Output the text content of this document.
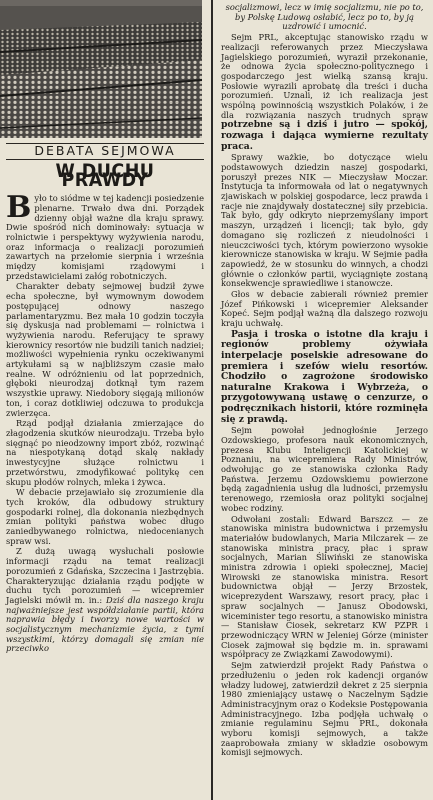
DEBATA SEJMOWA
W DUCHU PRAWDY

Było to siódme w tej kadencji posiedzenie plenarne. Trwało dwa dni. Porządek dzienny objął ważne dla kraju sprawy. Dwie spośród nich dominowały: sytuacja w rolnictwie i perspektywy wyżywienia narodu, oraz informacja o realizacji porozumień zawartych na przełomie sierpnia i września między komisjami rządowymi i przedstawicielami załóg robotniczych.

Charakter debaty sejmowej budził żywe echa społeczne, był wymownym dowodem postępującej odnowy naszego parlamentaryzmu. Bez mała 10 godzin toczyła się dyskusja nad problemami — rolnictwa i wyżywienia narodu. Referujący te sprawy kierownicy resortów nie budzili tanich nadziei; możliwości wypełnienia rynku oczekiwanymi artykułami są w najbliższym czasie mało realne. W odróżnieniu od lat poprzednich, głęboki nieurodzaj dotknął tym razem wszystkie uprawy. Niedobory sięgają milionów ton, i coraz dotkliwiej odczuwa to produkcja zwierzęca.

Rząd podjął działania zmierzające do złagodzenia skutków nieurodzaju. Trzeba było sięgnąć po nieodzowny import zbóż, rozwinąć na niespotykaną dotąd skalę nakłady inwestycyjne służące rolnictwu i przetwórstwu, zmodyfikować politykę cen skupu płodów rolnych, mleka i żywca.

W debacie przejawiało się zrozumienie dla tych kroków, dla odbudowy struktury gospodarki rolnej, dla dokonania niezbędnych zmian polityki państwa wobec długo zaniedbywanego rolnictwa, niedocenianych spraw wsi.

Z dużą uwagą wysłuchali posłowie informacji rządu na temat realizacji porozumień z Gdańska, Szczecina i Jastrzębia. Charakteryzując działania rządu podjęte w duchu tych porozumień — wicepremier Jagielski mówił m. in.: Dziś dla naszego kraju najważniejsze jest współdziałanie partii, która naprawia błędy i tworzy nowe wartości w socjalistycznym mechanizmie życia, z tymi wszystkimi, którzy domagali się zmian nie przeciwko

socjalizmowi, lecz w imię socjalizmu, nie po to, by Polskę Ludową osłabić, lecz po to, by ją uzdrowić i umocnić.

Sejm PRL, akceptując stanowisko rządu w realizacji referowanych przez Mieczysława Jagielskiego porozumień, wyraził przekonanie, że odnowa życia społeczno-politycznego i gospodarczego jest wielką szansą kraju. Posłowie wyrazili aprobatę dla treści i ducha porozumień. Uznali, iż ich realizacja jest wspólną powinnością wszystkich Polaków, i że dla rozwiązania naszych trudnych spraw potrzebne są i dziś i jutro — spokój, rozwaga i dająca wymierne rezultaty praca.

Sprawy ważkie, bo dotyczące wielu podstawowych dziedzin naszej gospodarki, poruszył prezes NIK — Mieczysław Moczar. Instytucja ta informowała od lat o negatywnych zjawiskach w polskiej gospodarce, lecz prawda i racje nie znajdywały dostatecznej siły przebicia. Tak było, gdy odkryto nieprzemyślany import maszyn, urządzeń i licencji; tak było, gdy domagano się rozliczeń z nieudolności i nieuczciwości tych, którym powierzono wysokie kierownicze stanowiska w kraju. W Sejmie padła zapowiedź, że w stosunku do winnych, a chodzi głównie o członków partii, wyciągnięte zostaną konsekwencje sprawiedliwe i stanowcze.

Głos w debacie zabierali również premier Józef Pińkowski i wicepremier Aleksander Kopeć. Sejm podjął ważną dla dalszego rozwoju kraju uchwałę.

Pasja i troska o istotne dla kraju i regionów problemy ożywiała interpelacje poselskie adresowane do premiera i szefów wielu resortów. Chodziło o zagrożone środowisko naturalne Krakowa i Wybrzeża, o przygotowywaną ustawę o cenzurze, o podręcznikach historii, które rozminęła się z prawdą.

Sejm powołał jednogłośnie Jerzego Ozdowskiego, profesora nauk ekonomicznych, prezesa Klubu Inteligencji Katolickiej w Poznaniu, na wicepremiera Rady Ministrów, odwołując go ze stanowiska członka Rady Państwa. Jerzemu Ozdowskiemu powierzone będą zagadnienia usług dla ludności, przemysłu terenowego, rzemiosła oraz polityki socjalnej wobec rodziny.

Odwołani zostali: Edward Barszcz — ze stanowiska ministra budownictwa i przemysłu materiałów budowlanych, Maria Milczarek — ze stanowiska ministra pracy, płac i spraw socjalnych, Marian Śliwiński ze stanowiska ministra zdrowia i opieki społecznej, Maciej Wirowski ze stanowiska ministra. Resort budownictwa objął — Jerzy Brzostek, wiceprezydent Warszawy, resort pracy, płac i spraw socjalnych — Janusz Obodowski, wiceminister tego resortu, a stanowisko ministra — Stanisław Ciosek, sekretarz KW PZPR i przewodniczący WRN w Jeleniej Górze (minister Ciosek zajmował się będzie m. in. sprawami współpracy ze Związkami Zawodowymi).

Sejm zatwierdził projekt Rady Państwa o przedłużeniu o jeden rok kadencji organów władzy ludowej, zatwierdził dekret z 25 sierpnia 1980 zmieniający ustawę o Naczelnym Sądzie Administracyjnym oraz o Kodeksie Postępowania Administracyjnego. Izba podjęła uchwałę o zmianie regulaminu Sejmu PRL, dokonała wyboru komisji sejmowych, a także zaaprobowała zmiany w składzie osobowym komisji sejmowych.
